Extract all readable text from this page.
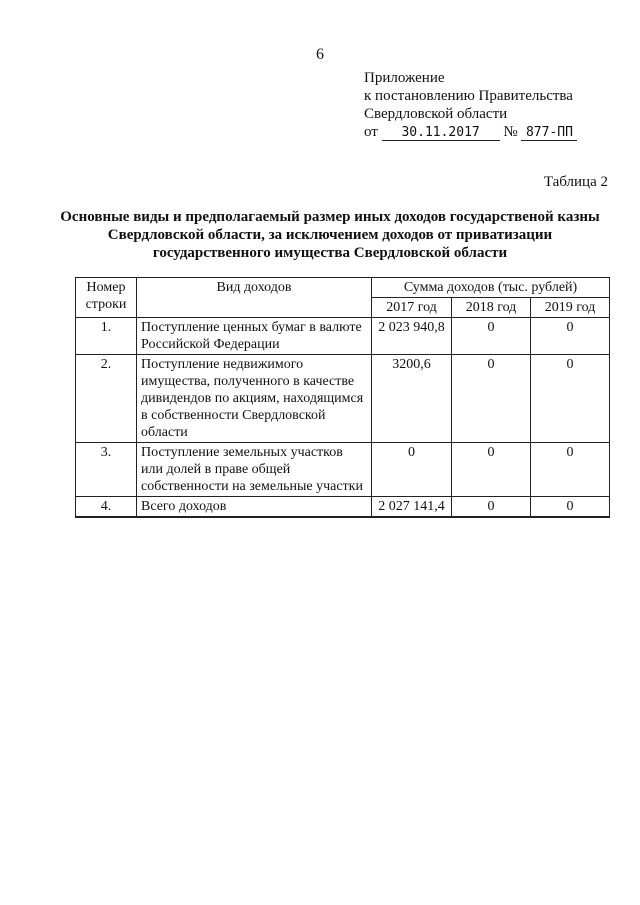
6
Приложение
к постановлению Правительства
Свердловской области
от 30.11.2017 № 877-ПП
Таблица 2
Основные виды и предполагаемый размер иных доходов государственой казны Свердловской области, за исключением доходов от приватизации государственного имущества Свердловской области
Номер строки	Вид доходов	Сумма доходов (тыс. рублей)		
		2017 год	2018 год	2019 год
1.	Поступление ценных бумаг в валюте Российской Федерации	2 023 940,8	0	0
2.	Поступление недвижимого имущества, полученного в качестве дивидендов по акциям, находящимся в собственности Свердловской области	3200,6	0	0
3.	Поступление земельных участков или долей в праве общей собственности на земельные участки	0	0	0
4.	Всего доходов	2 027 141,4	0	0
